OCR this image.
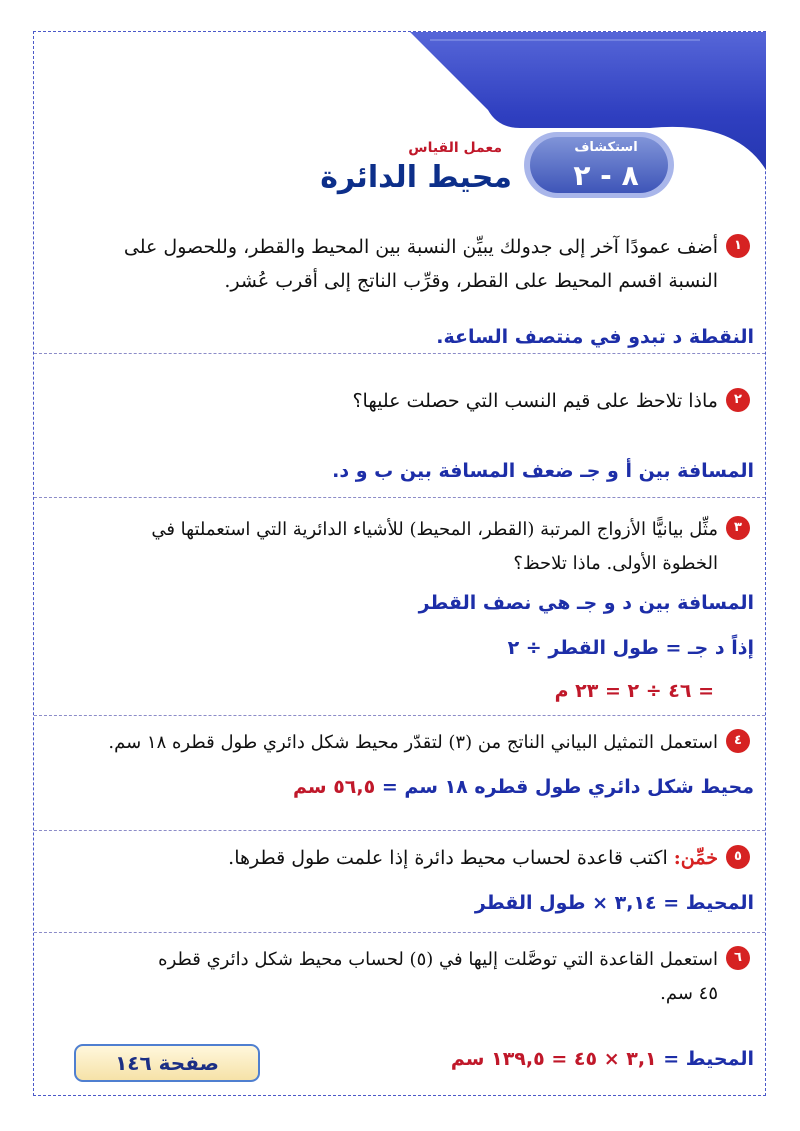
معمل القياس
محيط الدائرة
استكشاف
٨ - ٢
١أضف عمودًا آخر إلى جدولك يبيِّن النسبة بين المحيط والقطر، وللحصول على
النسبة اقسم المحيط على القطر، وقرِّب الناتج إلى أقرب عُشر.
النقطة د تبدو في منتصف الساعة.
٢ماذا تلاحظ على قيم النسب التي حصلت عليها؟
المسافة بين أ و جـ ضعف المسافة بين ب و د.
٣مثِّل بيانيًّا الأزواج المرتبة (القطر، المحيط) للأشياء الدائرية التي استعملتها في
الخطوة الأولى. ماذا تلاحظ؟
المسافة بين د و جـ هي نصف القطر
إذاً د جـ = طول القطر ÷ ٢
= ٤٦ ÷ ٢ = ٢٣ م
٤استعمل التمثيل البياني الناتج من (٣) لتقدّر محيط شكل دائري طول قطره ١٨ سم.
محيط شكل دائري طول قطره ١٨ سم = ٥٦,٥ سم
٥خمِّن: اكتب قاعدة لحساب محيط دائرة إذا علمت طول قطرها.
المحيط = ٣,١٤ × طول القطر
٦استعمل القاعدة التي توصَّلت إليها في (٥) لحساب محيط شكل دائري قطره
٤٥ سم.
المحيط = ٣,١ × ٤٥ = ١٣٩,٥ سم
صفحة ١٤٦
